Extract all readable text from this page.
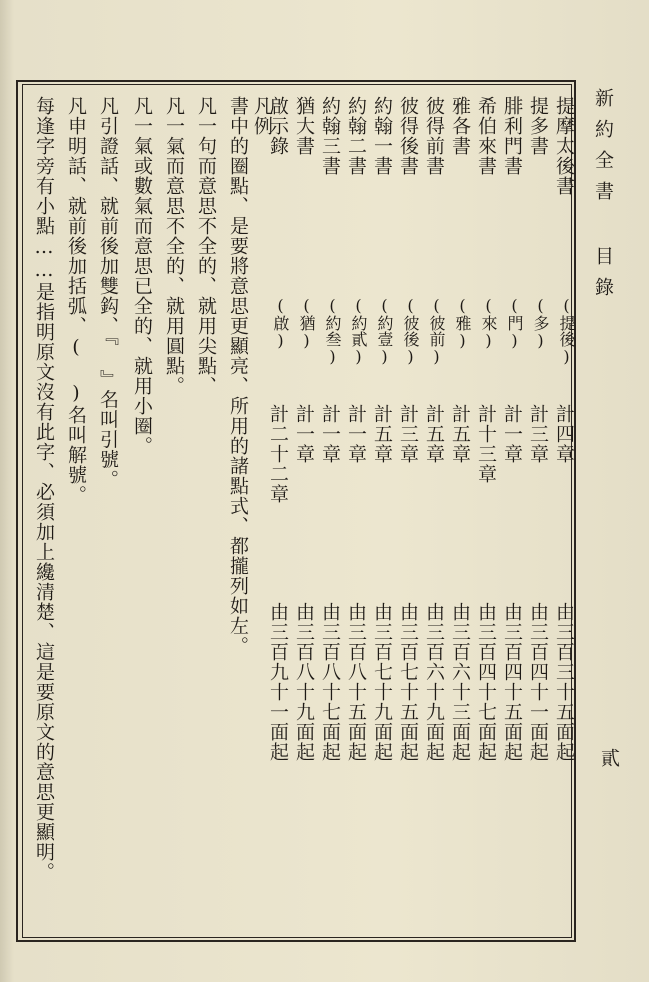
新約全書 目錄
貳
提摩太後書
提多書
腓利門書
希伯來書
雅各書
彼得前書
彼得後書
約翰一書
約翰二書
約翰三書
猶大書
啟示錄
(提後)
(多)
(門)
(來)
(雅)
(彼前)
(彼後)
(約壹)
(約貳)
(約叁)
(猶)
(啟)
計四章
計三章
計一章
計十三章
計五章
計五章
計三章
計五章
計一章
計一章
計一章
計二十二章
由三百三十五面起
由三百四十一面起
由三百四十五面起
由三百四十七面起
由三百六十三面起
由三百六十九面起
由三百七十五面起
由三百七十九面起
由三百八十五面起
由三百八十七面起
由三百八十九面起
由三百九十一面起
凡例
書中的圈點、是要將意思更顯亮、所用的諸點式、都攏列如左。
凡一句而意思不全的、就用尖點、
凡一氣而意思不全的、就用圓點。
凡一氣或數氣而意思已全的、就用小圈。
凡引證話、就前後加雙鈎、『 』名叫引號。
凡申明話、就前後加括弧、( )名叫解號。
每逢字旁有小點……是指明原文沒有此字、必須加上纔清楚、這是要原文的意思更顯明。
